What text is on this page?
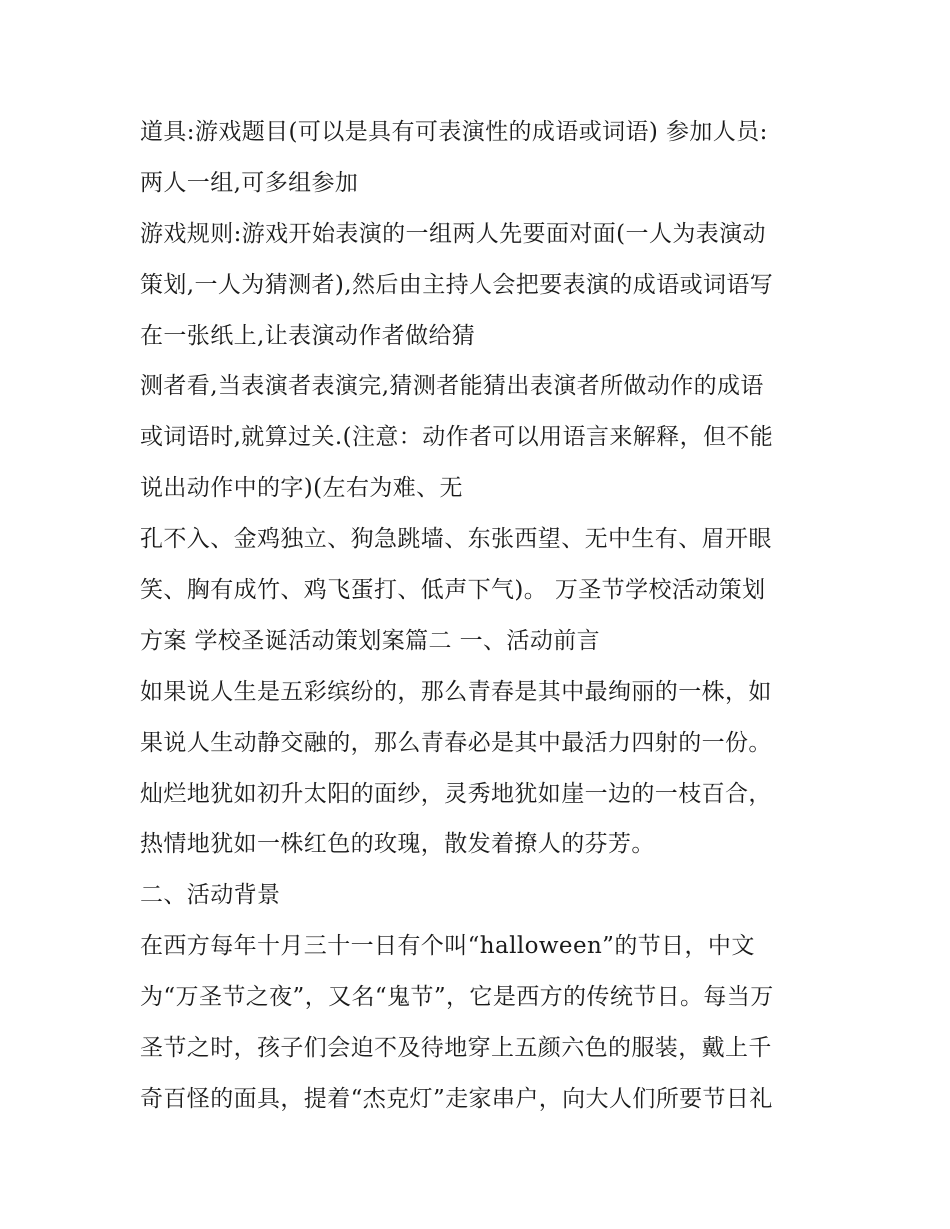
道具:游戏题目(可以是具有可表演性的成语或词语) 参加人员:
两人一组,可多组参加
游戏规则:游戏开始表演的一组两人先要面对面(一人为表演动
策划,一人为猜测者),然后由主持人会把要表演的成语或词语写
在一张纸上,让表演动作者做给猜
测者看,当表演者表演完,猜测者能猜出表演者所做动作的成语
或词语时,就算过关.(注意：动作者可以用语言来解释，但不能
说出动作中的字)(左右为难、无
孔不入、金鸡独立、狗急跳墙、东张西望、无中生有、眉开眼
笑、胸有成竹、鸡飞蛋打、低声下气)。 万圣节学校活动策划
方案 学校圣诞活动策划案篇二 一、活动前言
如果说人生是五彩缤纷的，那么青春是其中最绚丽的一株，如
果说人生动静交融的，那么青春必是其中最活力四射的一份。
灿烂地犹如初升太阳的面纱，灵秀地犹如崖一边的一枝百合，
热情地犹如一株红色的玫瑰，散发着撩人的芬芳。
二、活动背景
在西方每年十月三十一日有个叫“halloween”的节日，中文
为“万圣节之夜”，又名“鬼节”，它是西方的传统节日。每当万
圣节之时，孩子们会迫不及待地穿上五颜六色的服装，戴上千
奇百怪的面具，提着“杰克灯”走家串户，向大人们所要节日礼
